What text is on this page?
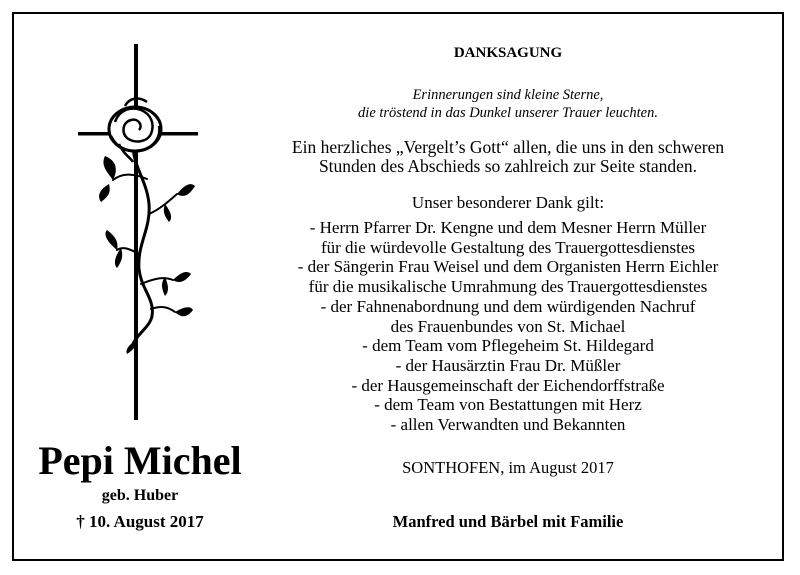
Pepi Michel
geb. Huber
† 10. August 2017
DANKSAGUNG
Erinnerungen sind kleine Sterne,
die tröstend in das Dunkel unserer Trauer leuchten.
Ein herzliches „Vergelt’s Gott“ allen, die uns in den schweren
Stunden des Abschieds so zahlreich zur Seite standen.
Unser besonderer Dank gilt:
- Herrn Pfarrer Dr. Kengne und dem Mesner Herrn Müller
für die würdevolle Gestaltung des Trauergottesdienstes
- der Sängerin Frau Weisel und dem Organisten Herrn Eichler
für die musikalische Umrahmung des Trauergottesdienstes
- der Fahnenabordnung und dem würdigenden Nachruf
des Frauenbundes von St. Michael
- dem Team vom Pflegeheim St. Hildegard
- der Hausärztin Frau Dr. Müßler
- der Hausgemeinschaft der Eichendorffstraße
- dem Team von Bestattungen mit Herz
- allen Verwandten und Bekannten
SONTHOFEN, im August 2017
Manfred und Bärbel mit Familie
